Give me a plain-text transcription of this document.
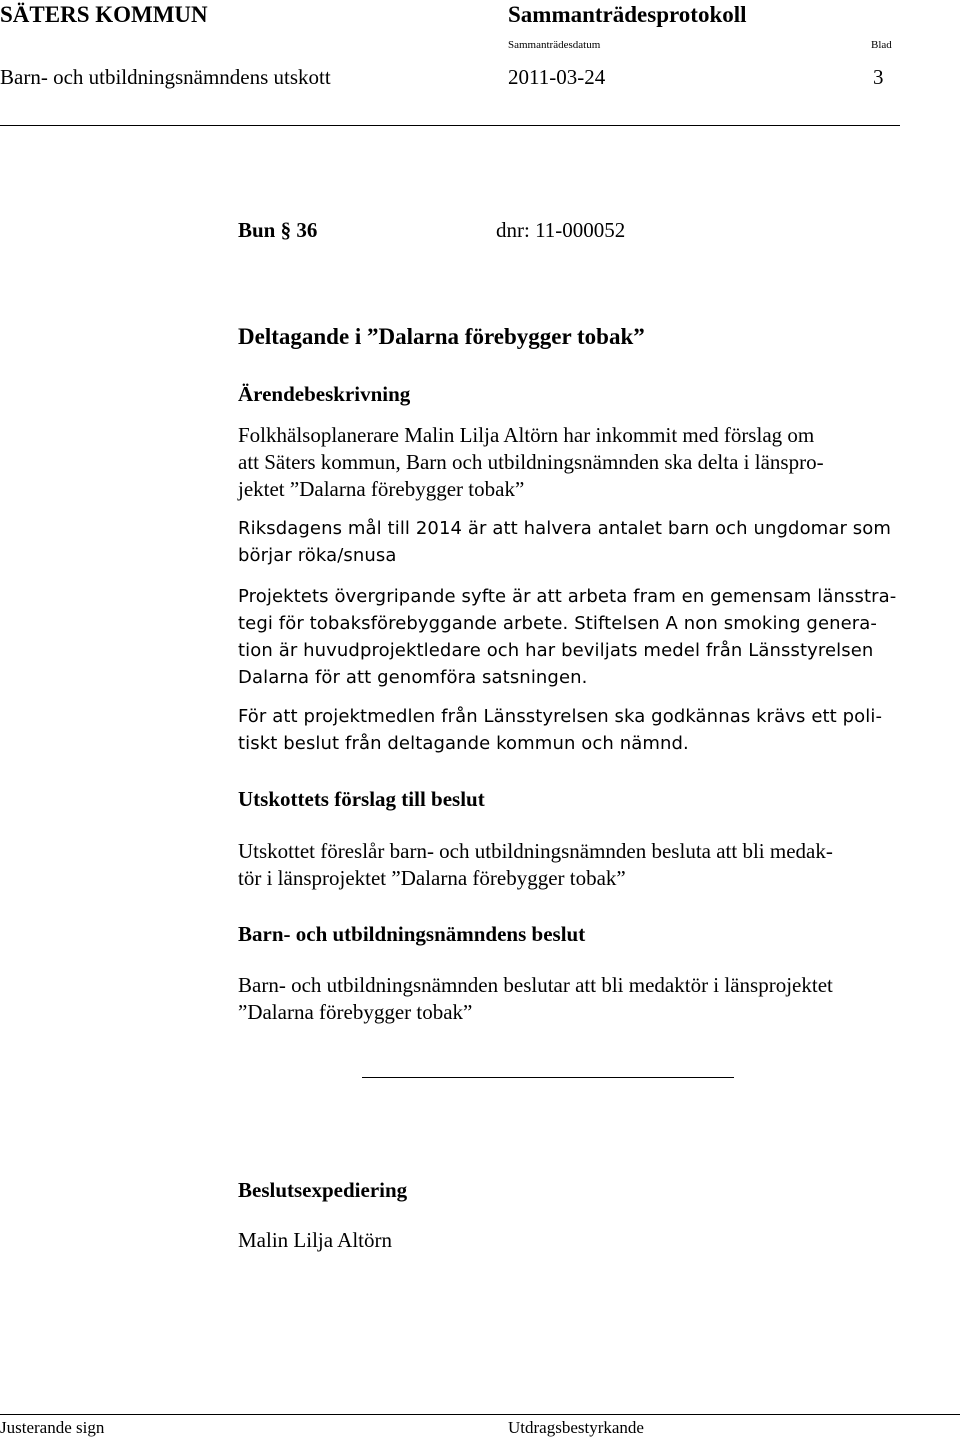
SÄTERS KOMMUN	Sammanträdesprotokoll
Sammanträdesdatum	Blad
Barn- och utbildningsnämndens utskott	2011-03-24	3
Bun § 36	dnr: 11-000052
Deltagande i ”Dalarna förebygger tobak”
Ärendebeskrivning
Folkhälsoplanerare Malin Lilja Altörn har inkommit med förslag om
att Säters kommun, Barn och utbildningsnämnden ska delta i länspro-
jektet ”Dalarna förebygger tobak”
Riksdagens mål till 2014 är att halvera antalet barn och ungdomar som
börjar röka/snusa
Projektets övergripande syfte är att arbeta fram en gemensam länsstra-
tegi för tobaksförebyggande arbete. Stiftelsen A non smoking genera-
tion är huvudprojektledare och har beviljats medel från Länsstyrelsen
Dalarna för att genomföra satsningen.
För att projektmedlen från Länsstyrelsen ska godkännas krävs ett poli-
tiskt beslut från deltagande kommun och nämnd.
Utskottets förslag till beslut
Utskottet föreslår barn- och utbildningsnämnden besluta att bli medak-
tör i länsprojektet ”Dalarna förebygger tobak”
Barn- och utbildningsnämndens beslut
Barn- och utbildningsnämnden beslutar att bli medaktör i länsprojektet
”Dalarna förebygger tobak”
Beslutsexpediering
Malin Lilja Altörn
Justerande sign	Utdragsbestyrkande
